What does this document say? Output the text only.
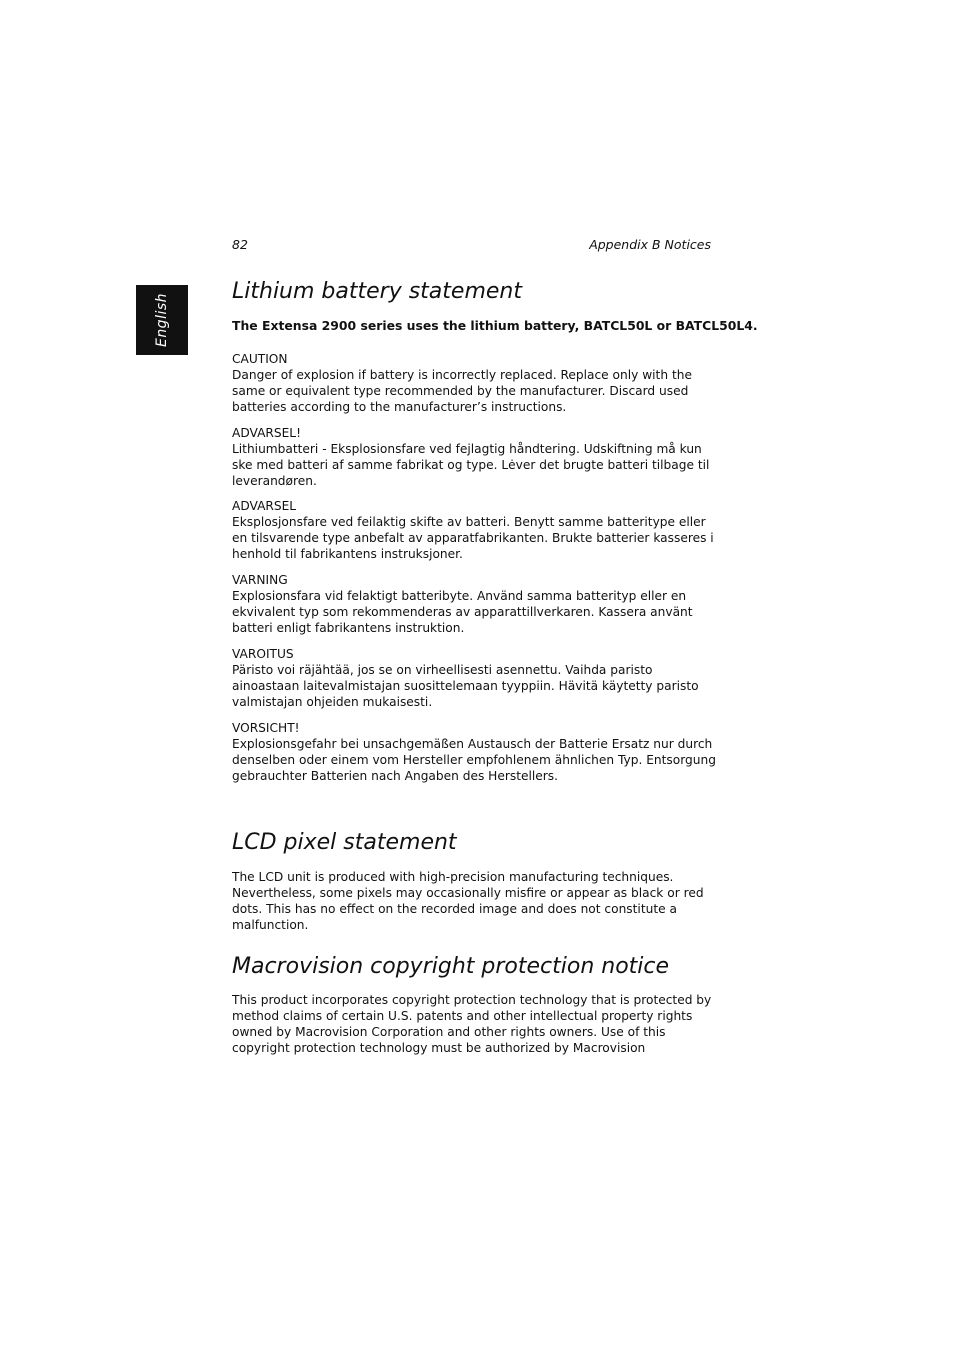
82	Appendix B Notices
English
Lithium battery statement

The Extensa 2900 series uses the lithium battery, BATCL50L or BATCL50L4.

CAUTION
Danger of explosion if battery is incorrectly replaced. Replace only with the
same or equivalent type recommended by the manufacturer. Discard used
batteries according to the manufacturer’s instructions.
ADVARSEL!
Lithiumbatteri - Eksplosionsfare ved fejlagtig håndtering. Udskiftning må kun
ske med batteri af samme fabrikat og type. Lėver det brugte batteri tilbage til
leverandøren.
ADVARSEL
Eksplosjonsfare ved feilaktig skifte av batteri. Benytt samme batteritype eller
en tilsvarende type anbefalt av apparatfabrikanten. Brukte batterier kasseres i
henhold til fabrikantens instruksjoner.
VARNING
Explosionsfara vid felaktigt batteribyte. Använd samma batterityp eller en
ekvivalent typ som rekommenderas av apparattillverkaren. Kassera använt
batteri enligt fabrikantens instruktion.
VAROITUS
Päristo voi räjähtää, jos se on virheellisesti asennettu. Vaihda paristo
ainoastaan laitevalmistajan suosittelemaan tyyppiin. Hävitä käytetty paristo
valmistajan ohjeiden mukaisesti.
VORSICHT!
Explosionsgefahr bei unsachgemäßen Austausch der Batterie Ersatz nur durch
denselben oder einem vom Hersteller empfohlenem ähnlichen Typ. Entsorgung
gebrauchter Batterien nach Angaben des Herstellers.
LCD pixel statement
The LCD unit is produced with high-precision manufacturing techniques.
Nevertheless, some pixels may occasionally misfire or appear as black or red
dots. This has no effect on the recorded image and does not constitute a
malfunction.
Macrovision copyright protection notice
This product incorporates copyright protection technology that is protected by
method claims of certain U.S. patents and other intellectual property rights
owned by Macrovision Corporation and other rights owners. Use of this
copyright protection technology must be authorized by Macrovision
